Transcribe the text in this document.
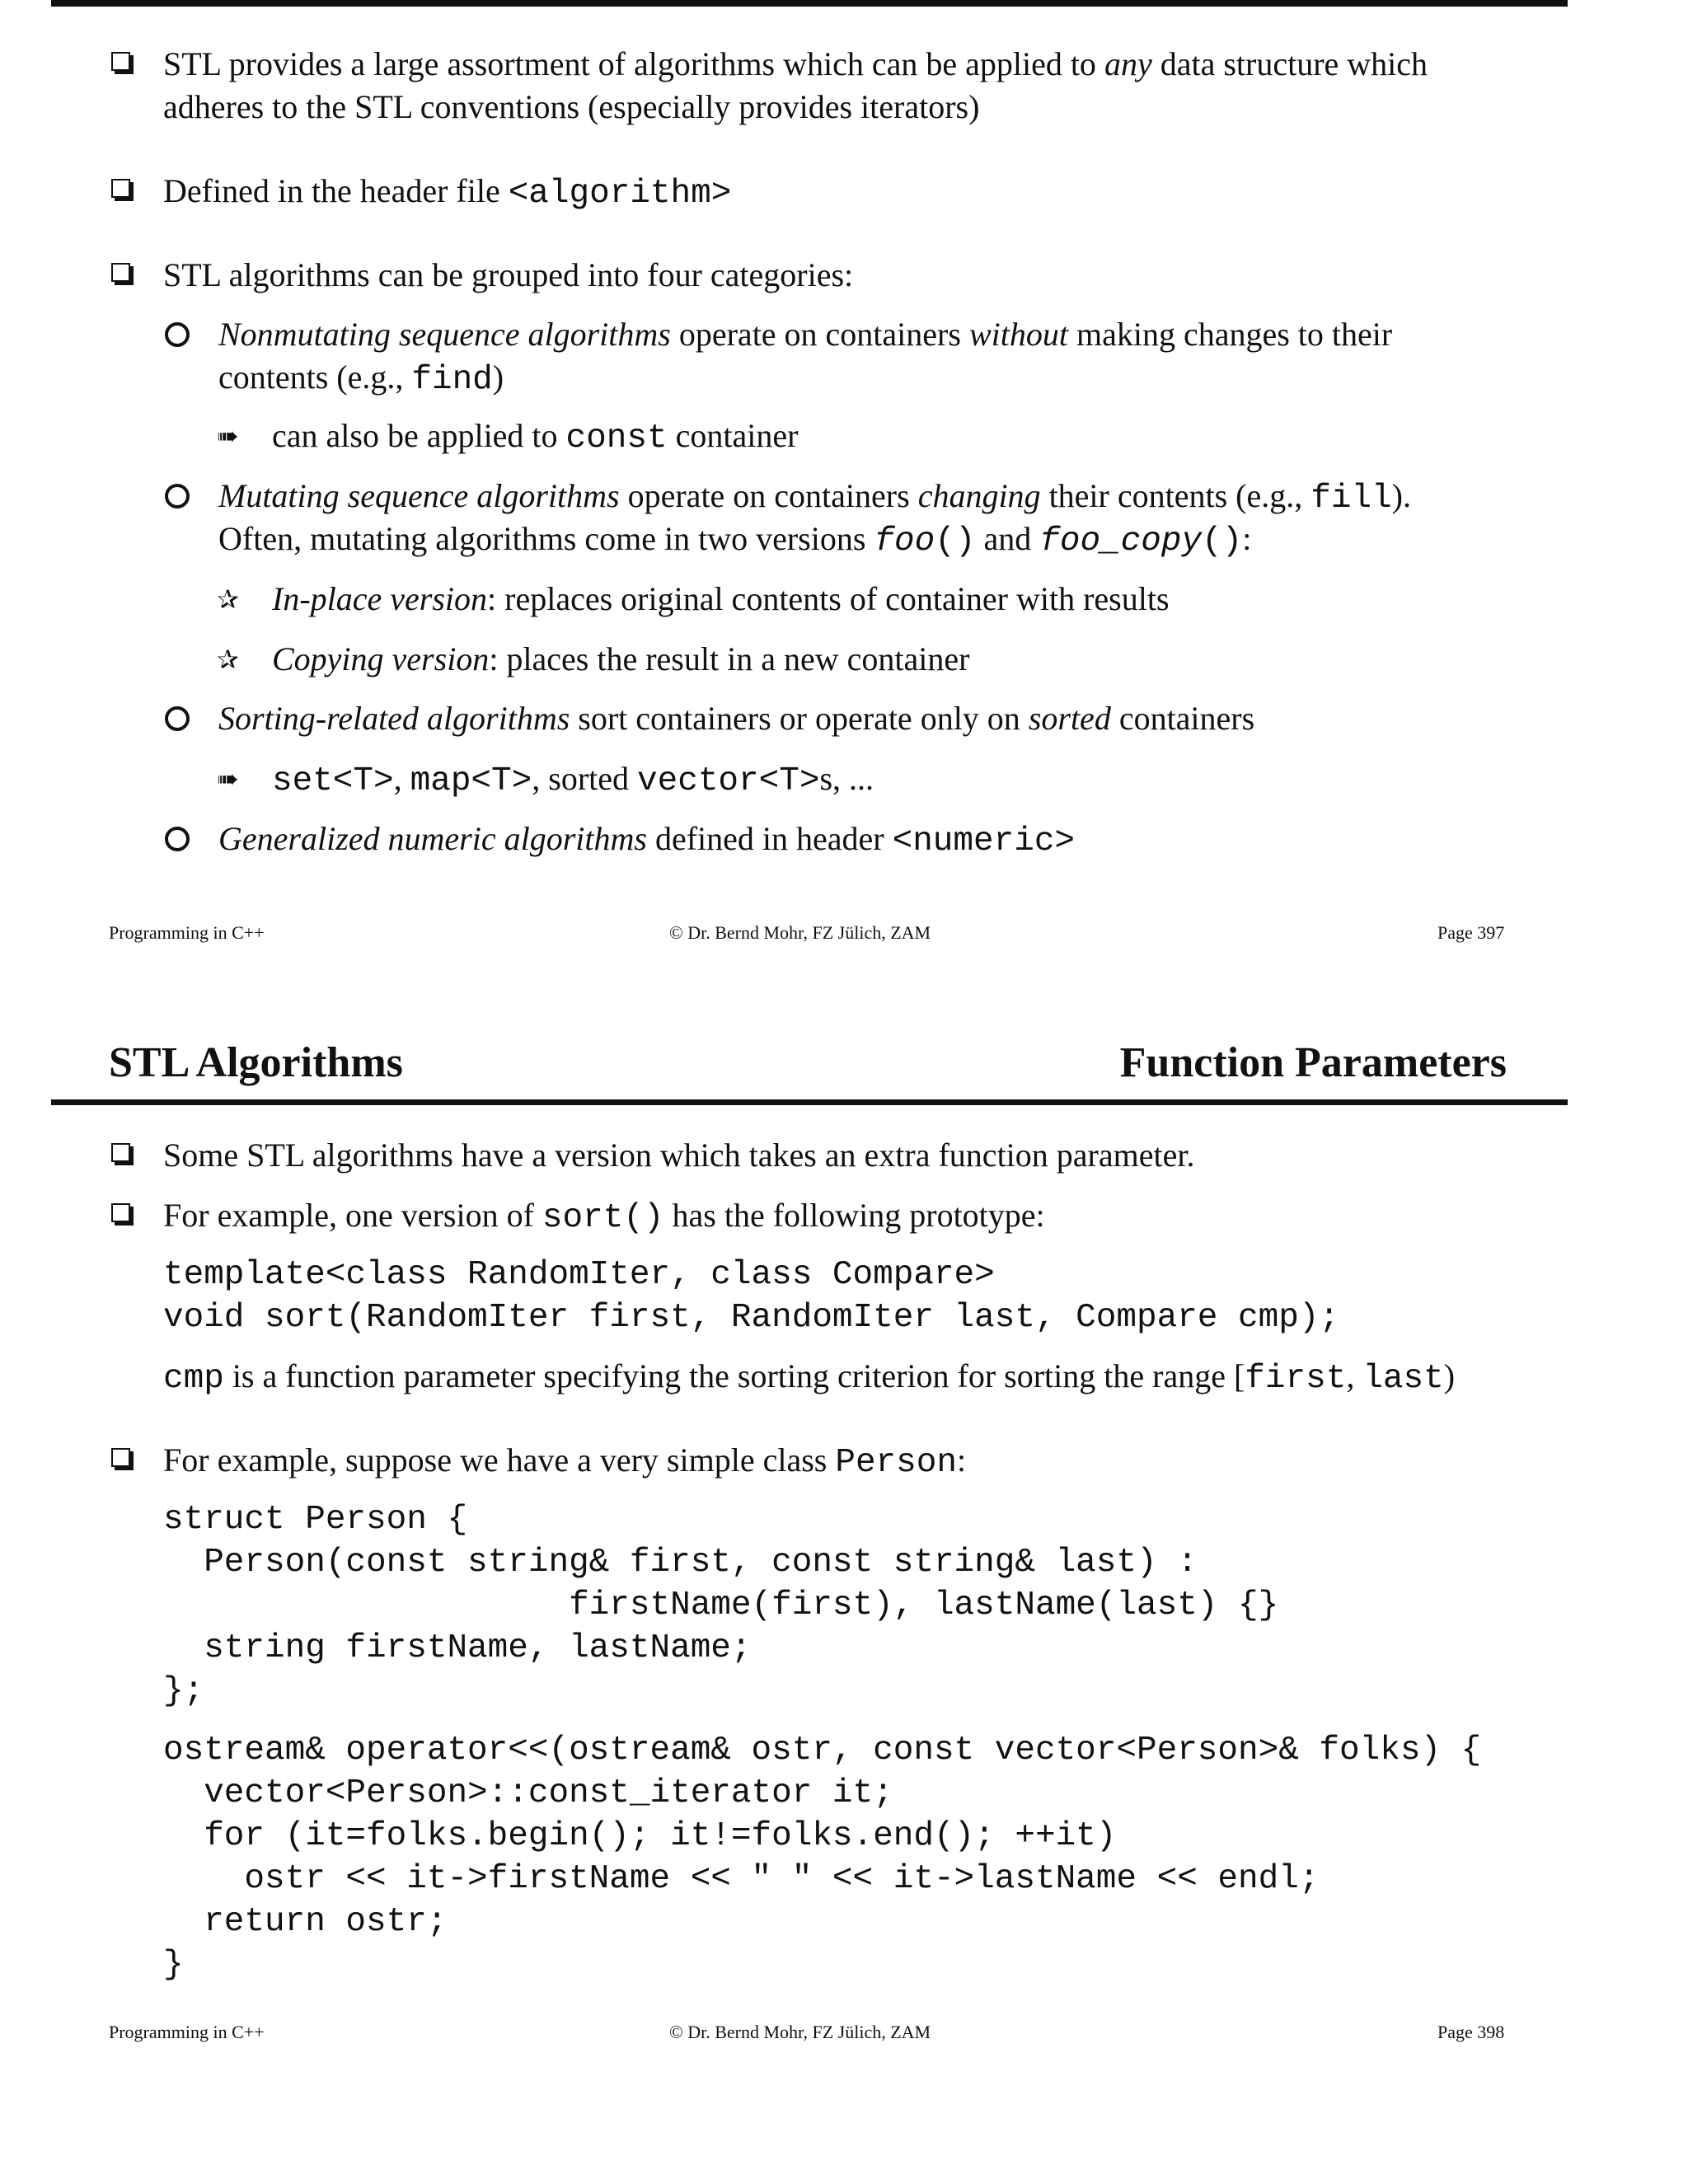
STL provides a large assortment of algorithms which can be applied to any data structure which
adheres to the STL conventions (especially provides iterators)
Defined in the header file <algorithm>
STL algorithms can be grouped into four categories:
Nonmutating sequence algorithms operate on containers without making changes to their
contents (e.g., find)
➠ can also be applied to const container
Mutating sequence algorithms operate on containers changing their contents (e.g., fill).
Often, mutating algorithms come in two versions foo() and foo_copy():
✰ In-place version: replaces original contents of container with results
✰ Copying version: places the result in a new container
Sorting-related algorithms sort containers or operate only on sorted containers
➠ set<T>, map<T>, sorted vector<T>s, ...
Generalized numeric algorithms defined in header <numeric>
Programming in C++	© Dr. Bernd Mohr, FZ Jülich, ZAM	Page 397
STL Algorithms	Function Parameters
Some STL algorithms have a version which takes an extra function parameter.
For example, one version of sort() has the following prototype:
template<class RandomIter, class Compare>
void sort(RandomIter first, RandomIter last, Compare cmp);
cmp is a function parameter specifying the sorting criterion for sorting the range [first, last)
For example, suppose we have a very simple class Person:
struct Person {
Person(const string& first, const string& last) :
firstName(first), lastName(last) {}
string firstName, lastName;
};
ostream& operator<<(ostream& ostr, const vector<Person>& folks) {
vector<Person>::const_iterator it;
for (it=folks.begin(); it!=folks.end(); ++it)
ostr << it->firstName << " " << it->lastName << endl;
return ostr;
}
Programming in C++	© Dr. Bernd Mohr, FZ Jülich, ZAM	Page 398
